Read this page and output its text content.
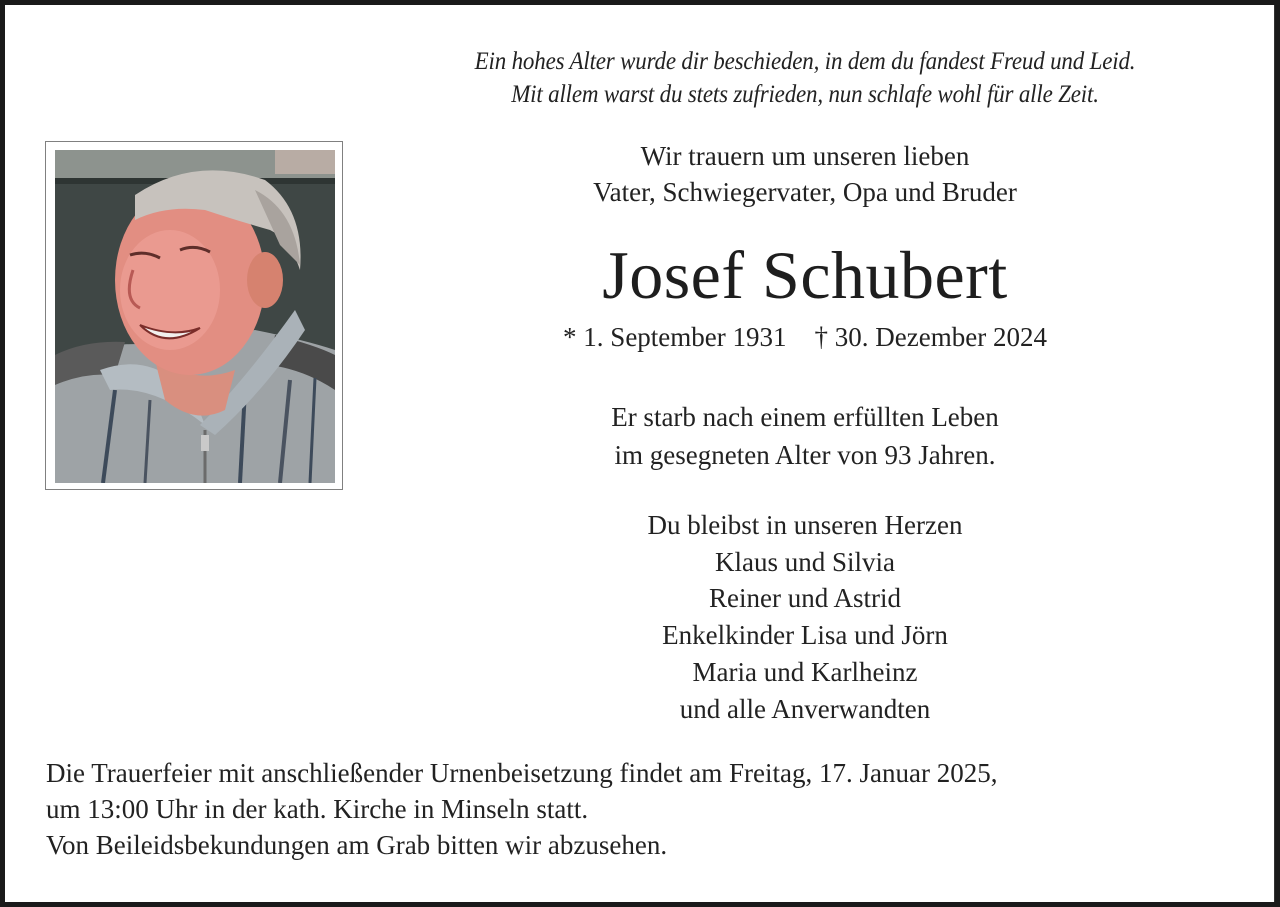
Ein hohes Alter wurde dir beschieden, in dem du fandest Freud und Leid.
Mit allem warst du stets zufrieden, nun schlafe wohl für alle Zeit.
Wir trauern um unseren lieben
Vater, Schwiegervater, Opa und Bruder
Josef Schubert
* 1. September 1931 † 30. Dezember 2024
Er starb nach einem erfüllten Leben
im gesegneten Alter von 93 Jahren.
Du bleibst in unseren Herzen
Klaus und Silvia
Reiner und Astrid
Enkelkinder Lisa und Jörn
Maria und Karlheinz
und alle Anverwandten
Die Trauerfeier mit anschließender Urnenbeisetzung findet am Freitag, 17. Januar 2025,
um 13:00 Uhr in der kath. Kirche in Minseln statt.
Von Beileidsbekundungen am Grab bitten wir abzusehen.
